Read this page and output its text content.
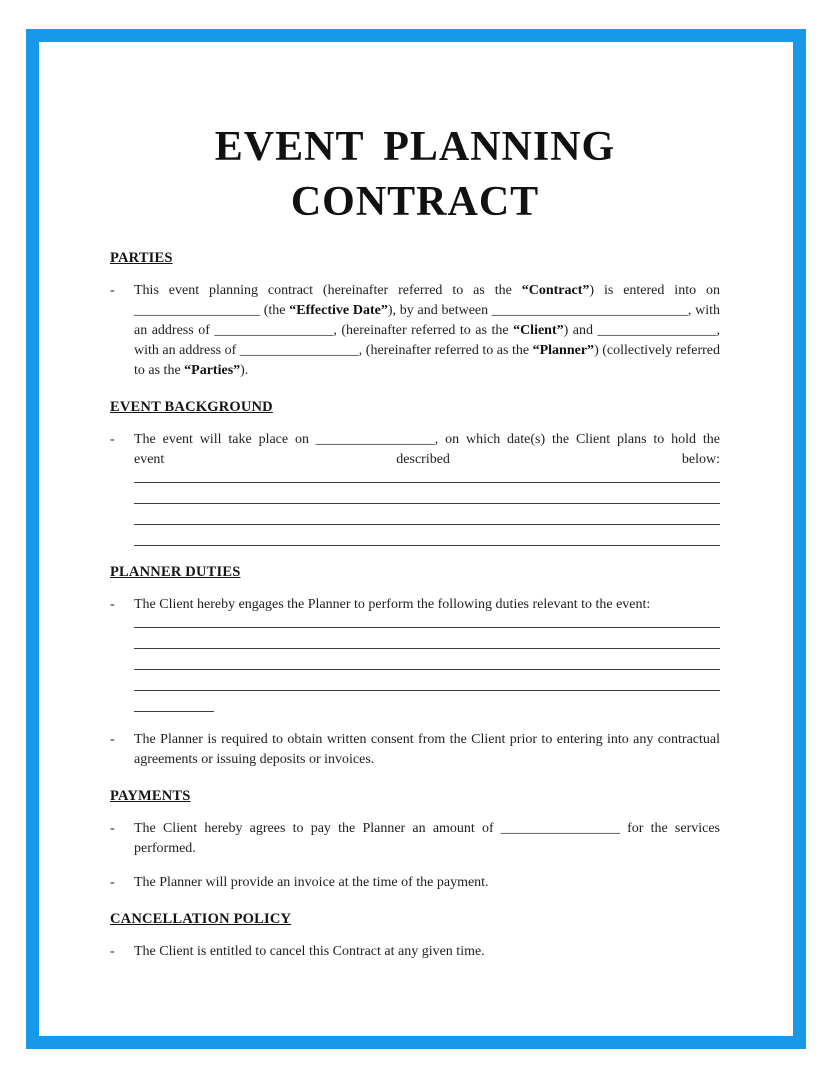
EVENT PLANNING
CONTRACT
PARTIES
-	This event planning contract (hereinafter referred to as the “Contract”) is entered into on __________________ (the “Effective Date”), by and between ____________________________, with an address of _________________, (hereinafter referred to as the “Client”) and _________________, with an address of _________________, (hereinafter referred to as the “Planner”) (collectively referred to as the “Parties”).
EVENT BACKGROUND
-	The event will take place on _________________, on which date(s) the Client plans to hold the
event	described	below:
PLANNER DUTIES
-	The Client hereby engages the Planner to perform the following duties relevant to the event:
-	The Planner is required to obtain written consent from the Client prior to entering into any contractual agreements or issuing deposits or invoices.
PAYMENTS
-	The Client hereby agrees to pay the Planner an amount of _________________ for the services performed.
-	The Planner will provide an invoice at the time of the payment.
CANCELLATION POLICY
-	The Client is entitled to cancel this Contract at any given time.
